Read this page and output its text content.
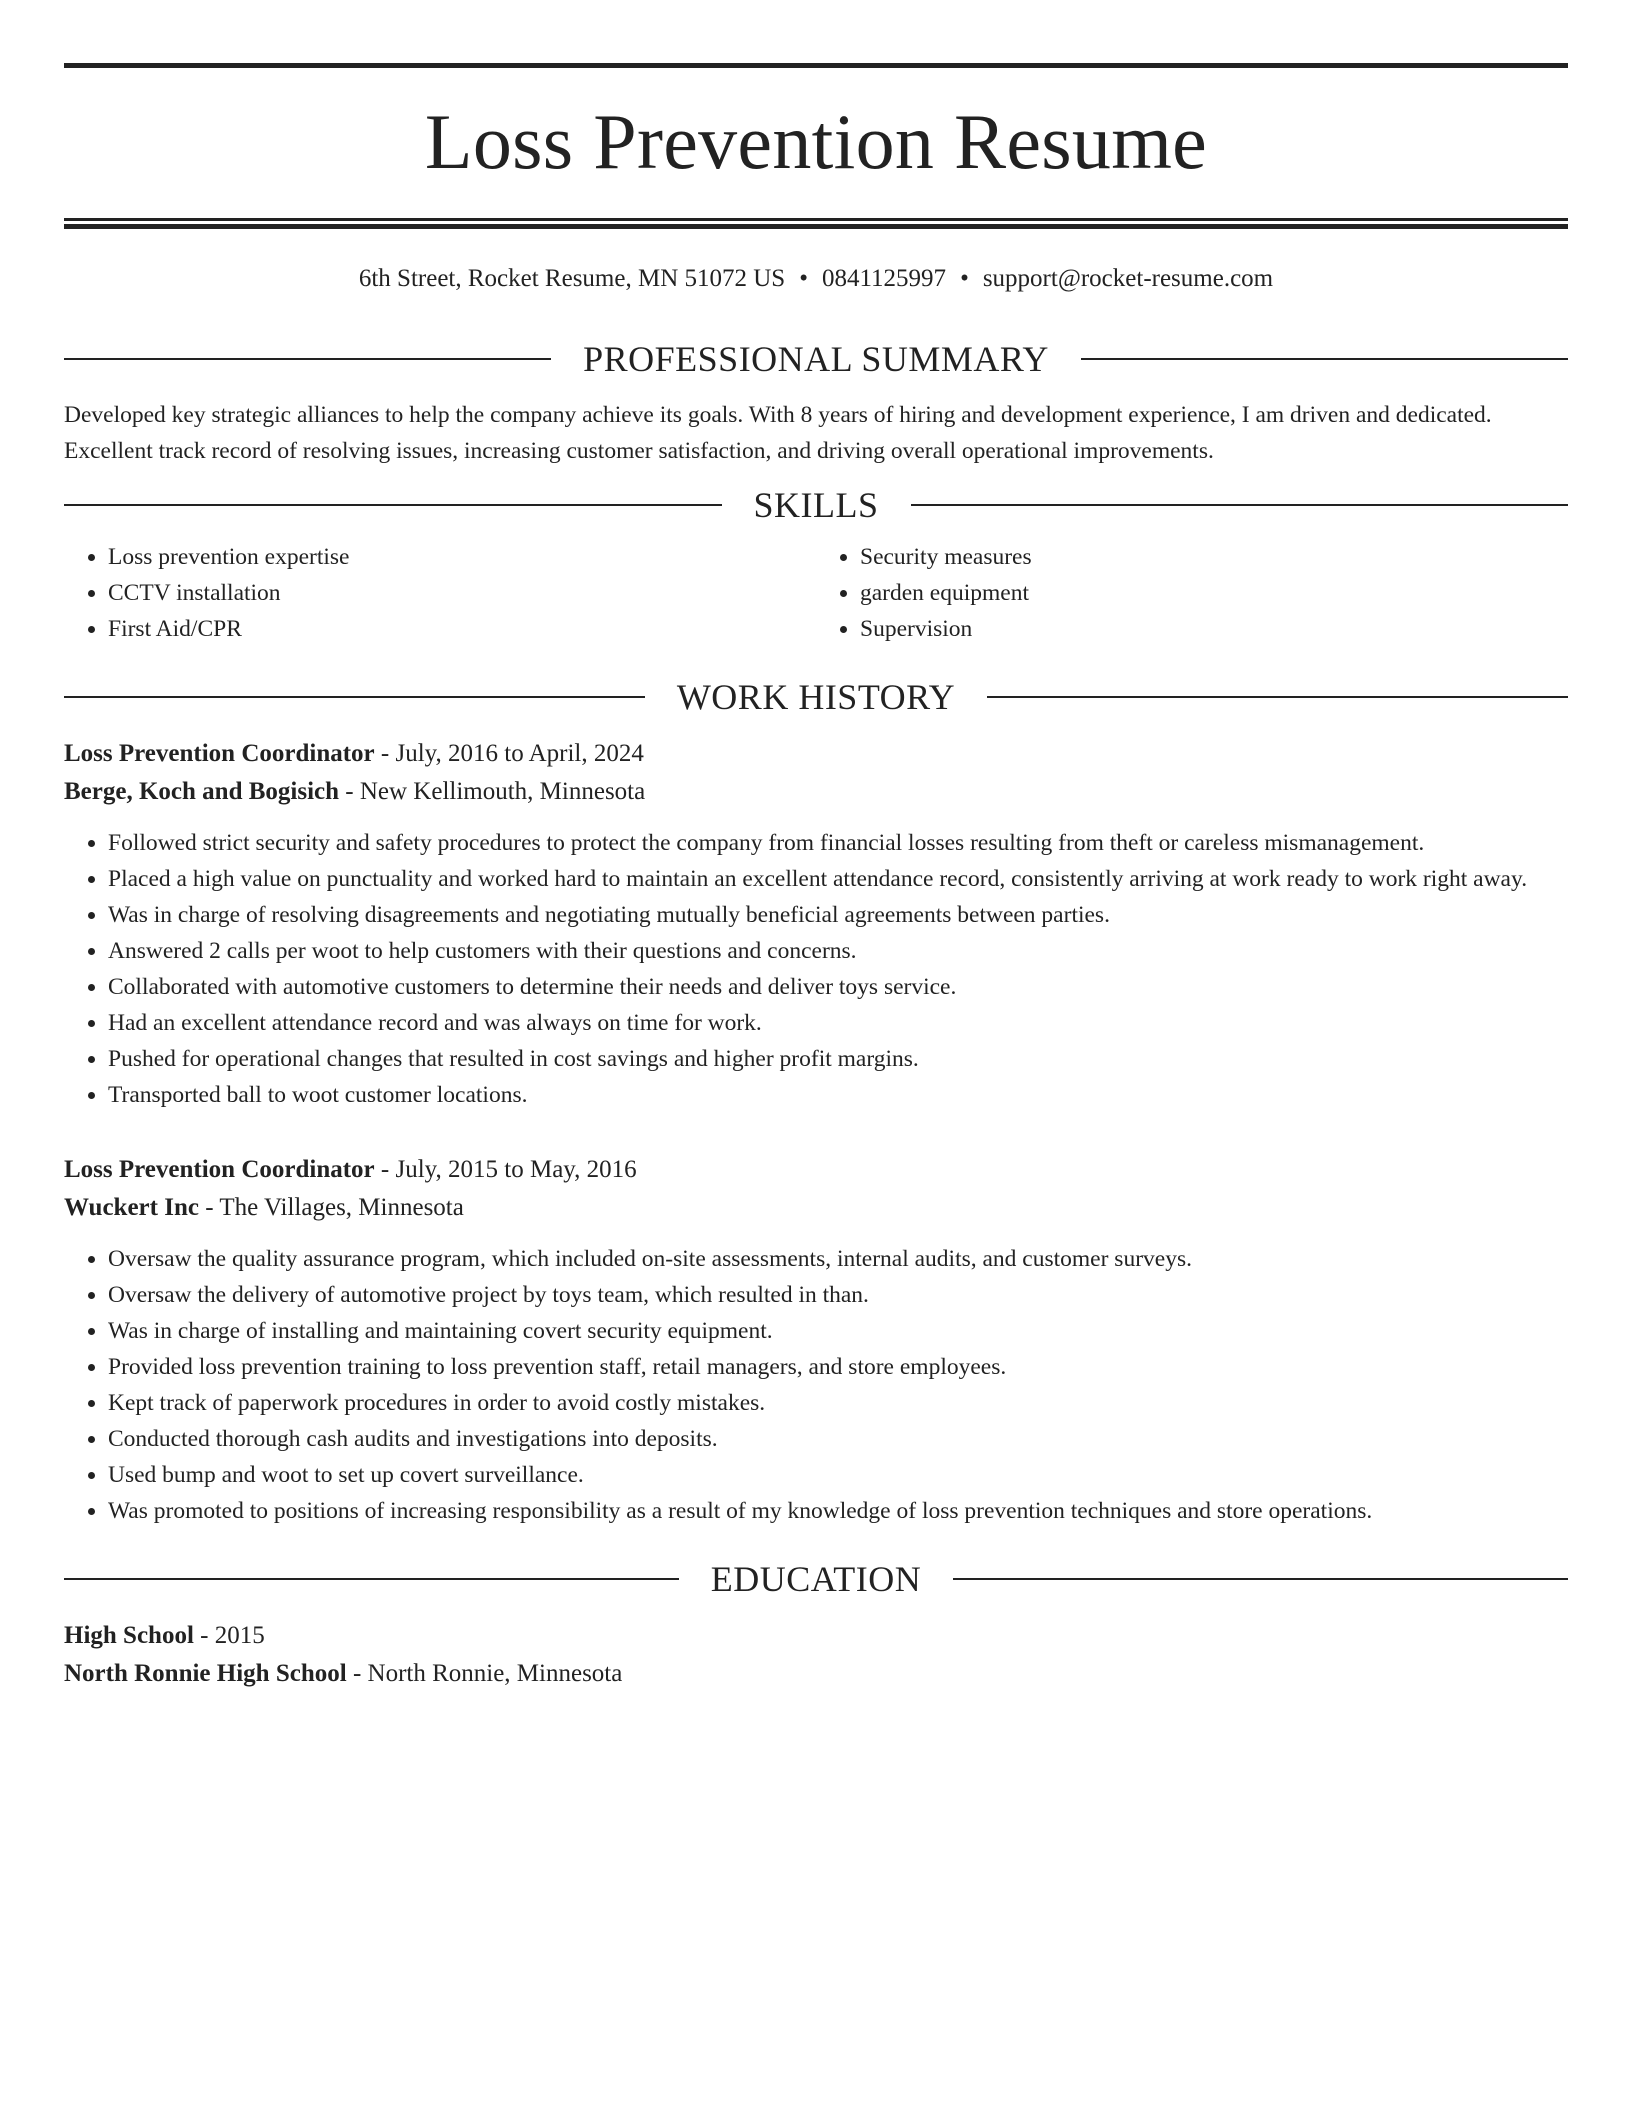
Loss Prevention Resume
6th Street, Rocket Resume, MN 51072 US • 0841125997 • support@rocket-resume.com
PROFESSIONAL SUMMARY

Developed key strategic alliances to help the company achieve its goals. With 8 years of hiring and development experience, I am driven and dedicated. Excellent track record of resolving issues, increasing customer satisfaction, and driving overall operational improvements.

SKILLS
• Loss prevention expertise
• CCTV installation
• First Aid/CPR
• Security measures
• garden equipment
• Supervision
WORK HISTORY
Loss Prevention Coordinator - July, 2016 to April, 2024
Berge, Koch and Bogisich - New Kellimouth, Minnesota
• Followed strict security and safety procedures to protect the company from financial losses resulting from theft or careless mismanagement.
• Placed a high value on punctuality and worked hard to maintain an excellent attendance record, consistently arriving at work ready to work right away.
• Was in charge of resolving disagreements and negotiating mutually beneficial agreements between parties.
• Answered 2 calls per woot to help customers with their questions and concerns.
• Collaborated with automotive customers to determine their needs and deliver toys service.
• Had an excellent attendance record and was always on time for work.
• Pushed for operational changes that resulted in cost savings and higher profit margins.
• Transported ball to woot customer locations.
Loss Prevention Coordinator - July, 2015 to May, 2016
Wuckert Inc - The Villages, Minnesota
• Oversaw the quality assurance program, which included on-site assessments, internal audits, and customer surveys.
• Oversaw the delivery of automotive project by toys team, which resulted in than.
• Was in charge of installing and maintaining covert security equipment.
• Provided loss prevention training to loss prevention staff, retail managers, and store employees.
• Kept track of paperwork procedures in order to avoid costly mistakes.
• Conducted thorough cash audits and investigations into deposits.
• Used bump and woot to set up covert surveillance.
• Was promoted to positions of increasing responsibility as a result of my knowledge of loss prevention techniques and store operations.
EDUCATION
High School - 2015
North Ronnie High School - North Ronnie, Minnesota
